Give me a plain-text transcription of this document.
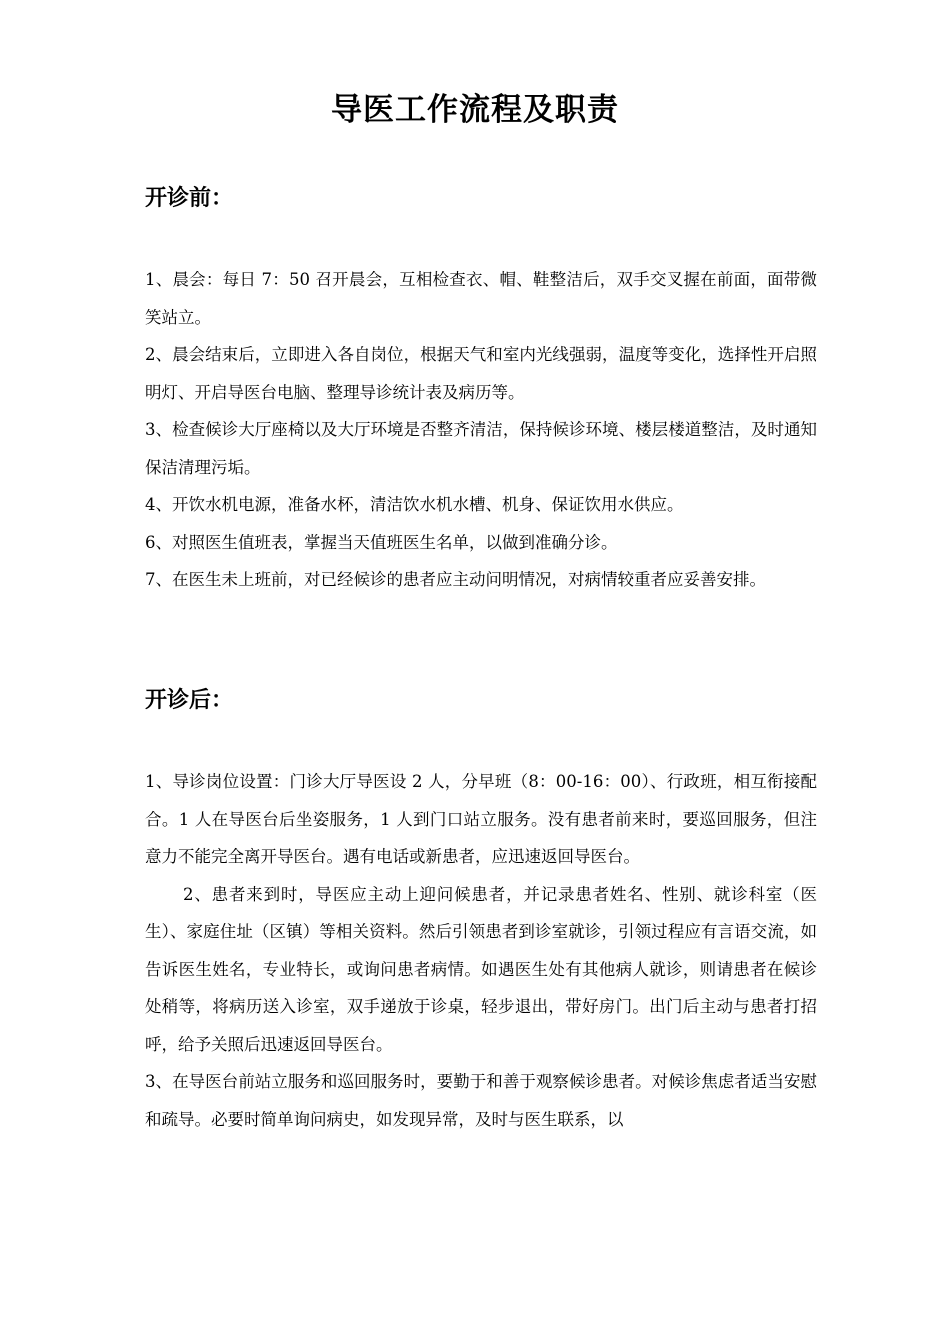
导医工作流程及职责
开诊前：

1、晨会：每日 7：50 召开晨会，互相检查衣、帽、鞋整洁后，双手交叉握在前面，面带微笑站立。

2、晨会结束后，立即进入各自岗位，根据天气和室内光线强弱，温度等变化，选择性开启照明灯、开启导医台电脑、整理导诊统计表及病历等。

3、检查候诊大厅座椅以及大厅环境是否整齐清洁，保持候诊环境、楼层楼道整洁，及时通知保洁清理污垢。

4、开饮水机电源，准备水杯，清洁饮水机水槽、机身、保证饮用水供应。

6、对照医生值班表，掌握当天值班医生名单，以做到准确分诊。

7、在医生未上班前，对已经候诊的患者应主动问明情况，对病情较重者应妥善安排。

开诊后：

1、导诊岗位设置：门诊大厅导医设 2 人，分早班（8：00-16：00）、行政班，相互衔接配合。1 人在导医台后坐姿服务，1 人到门口站立服务。没有患者前来时，要巡回服务，但注意力不能完全离开导医台。遇有电话或新患者，应迅速返回导医台。

2、患者来到时，导医应主动上迎问候患者，并记录患者姓名、性别、就诊科室（医生）、家庭住址（区镇）等相关资料。然后引领患者到诊室就诊，引领过程应有言语交流，如告诉医生姓名，专业特长，或询问患者病情。如遇医生处有其他病人就诊，则请患者在候诊处稍等，将病历送入诊室，双手递放于诊桌，轻步退出，带好房门。出门后主动与患者打招呼，给予关照后迅速返回导医台。

3、在导医台前站立服务和巡回服务时，要勤于和善于观察候诊患者。对候诊焦虑者适当安慰和疏导。必要时简单询问病史，如发现异常，及时与医生联系，以
